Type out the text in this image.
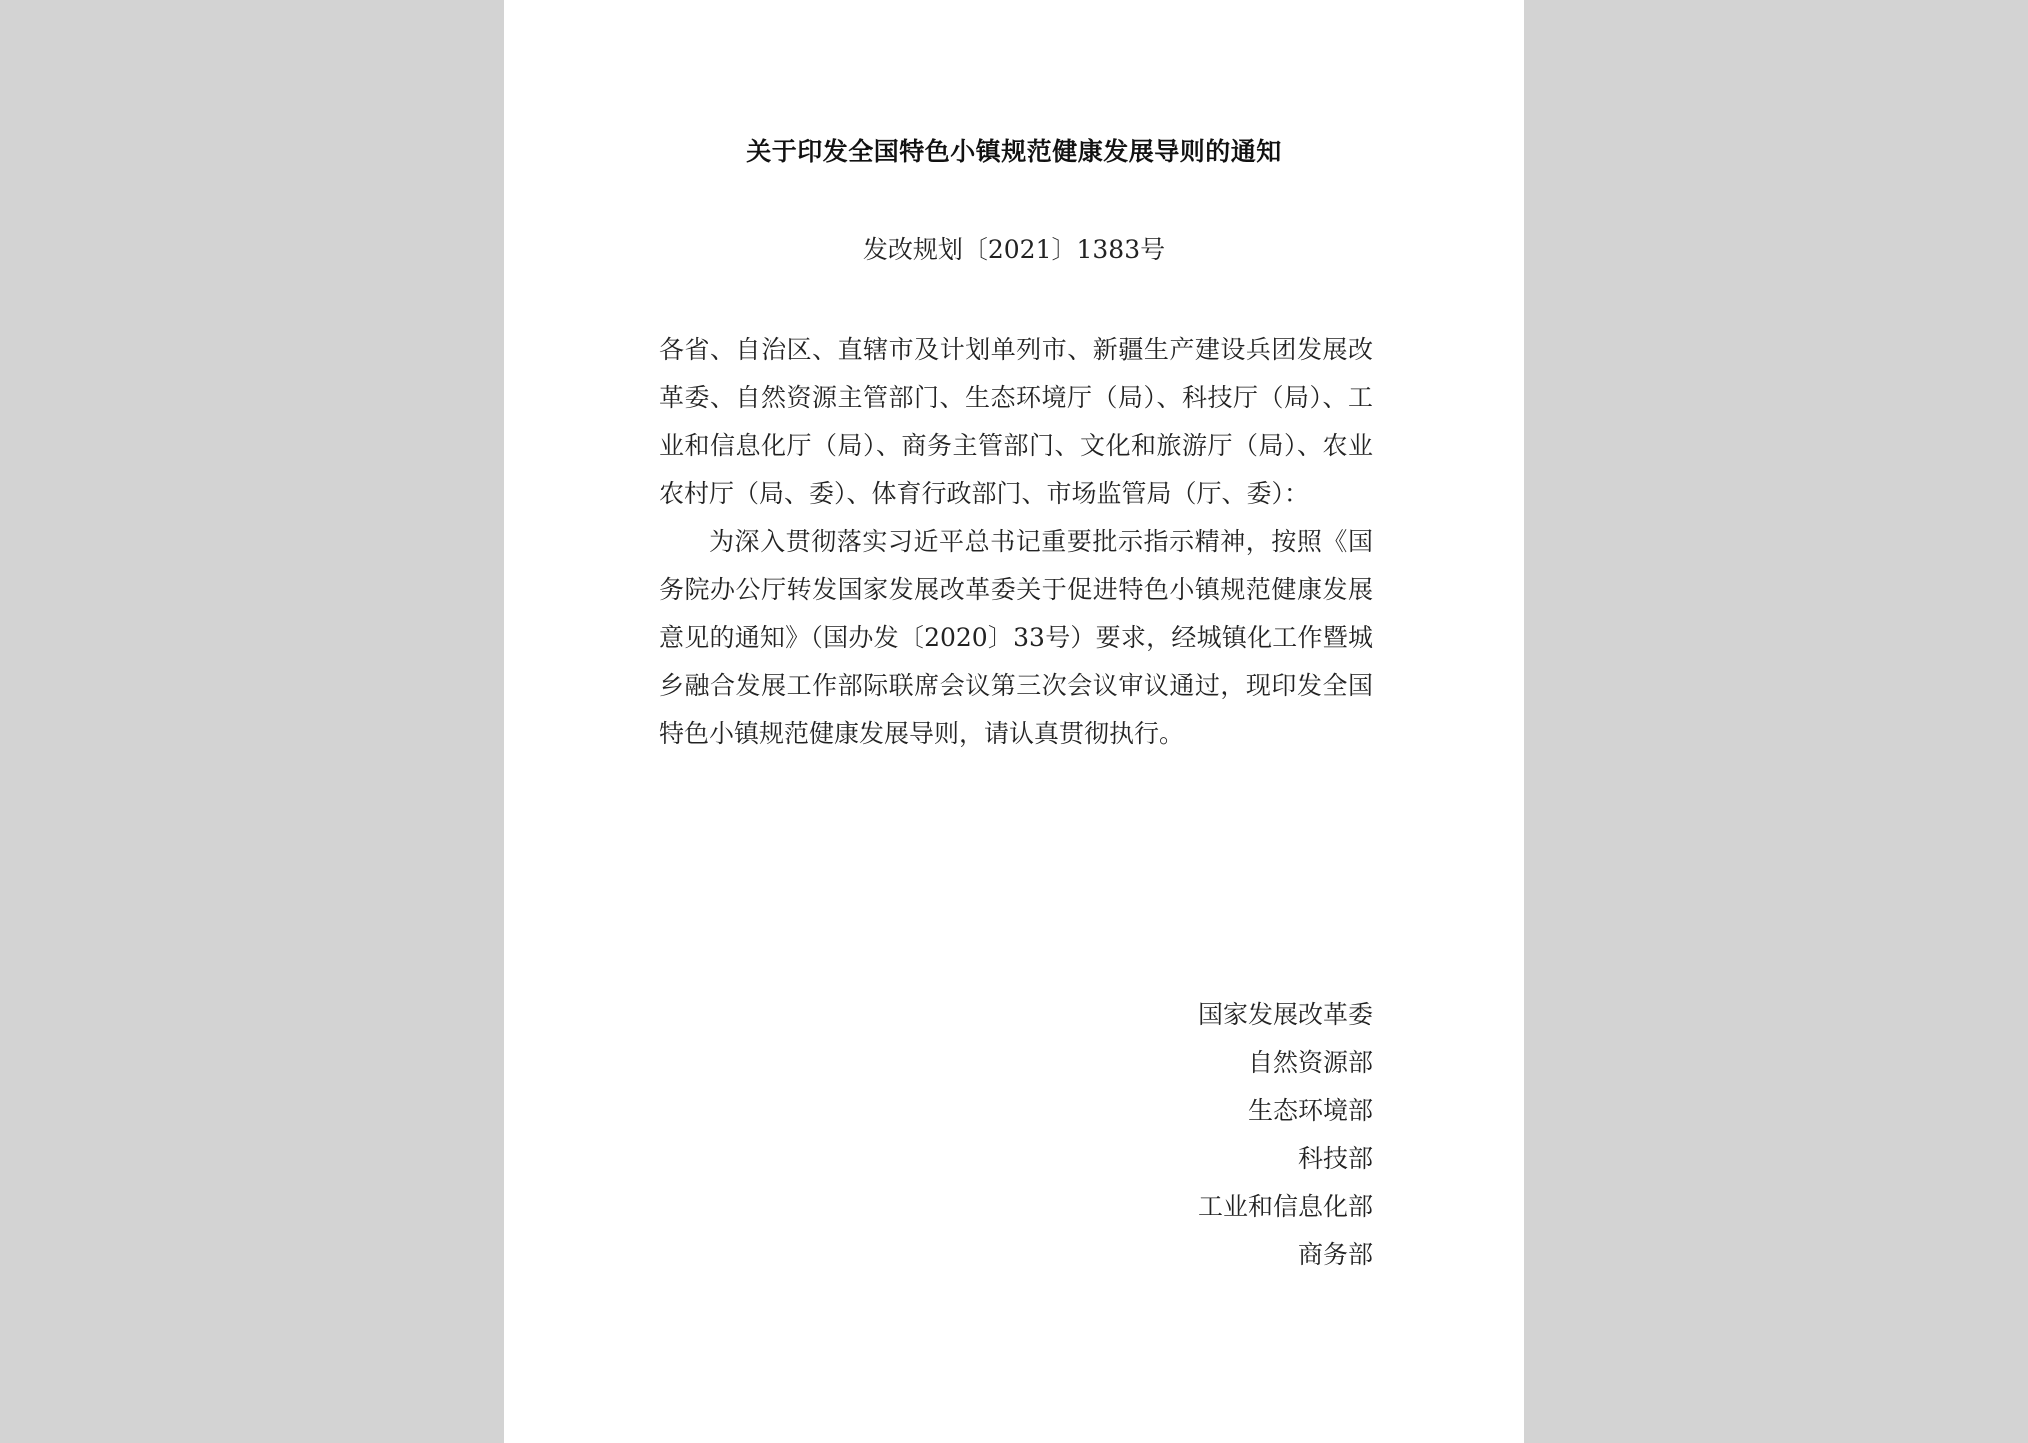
关于印发全国特色小镇规范健康发展导则的通知
发改规划〔2021〕1383号

各省、自治区、直辖市及计划单列市、新疆生产建设兵团发展改革委、自然资源主管部门、生态环境厅（局）、科技厅（局）、工业和信息化厅（局）、商务主管部门、文化和旅游厅（局）、农业农村厅（局、委）、体育行政部门、市场监管局（厅、委）：

为深入贯彻落实习近平总书记重要批示指示精神，按照《国务院办公厅转发国家发展改革委关于促进特色小镇规范健康发展意见的通知》（国办发〔2020〕33号）要求，经城镇化工作暨城乡融合发展工作部际联席会议第三次会议审议通过，现印发全国特色小镇规范健康发展导则，请认真贯彻执行。

国家发展改革委
自然资源部
生态环境部
科技部
工业和信息化部
商务部
